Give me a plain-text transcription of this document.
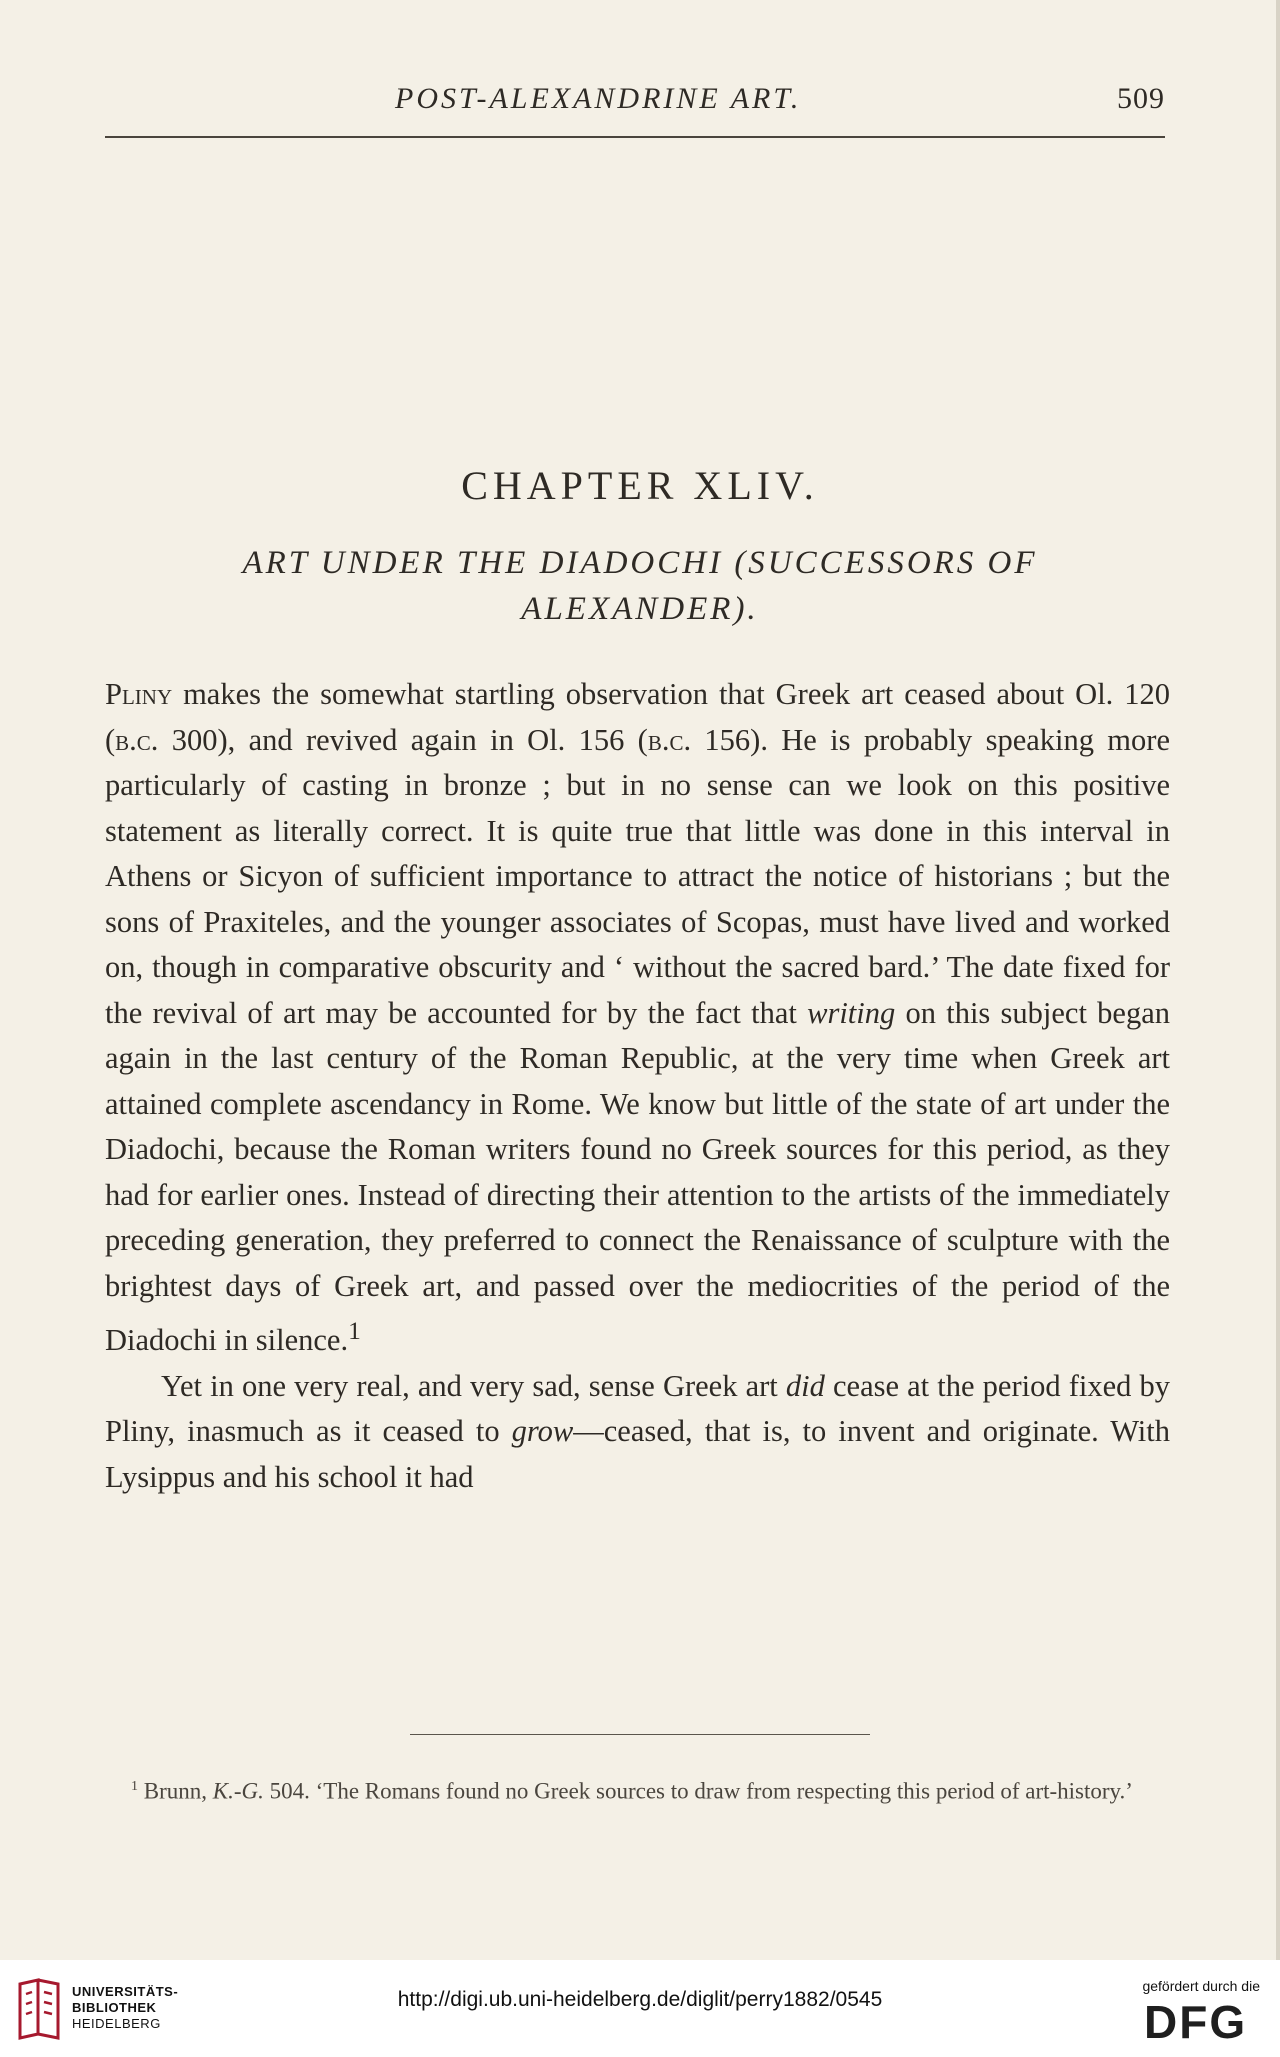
POST-ALEXANDRINE ART.	509
CHAPTER XLIV.
ART UNDER THE DIADOCHI (SUCCESSORS OF
ALEXANDER).

Pliny makes the somewhat startling observation that Greek art ceased about Ol. 120 (b.c. 300), and revived again in Ol. 156 (b.c. 156). He is probably speaking more particularly of casting in bronze ; but in no sense can we look on this positive statement as literally correct. It is quite true that little was done in this interval in Athens or Sicyon of sufficient importance to attract the notice of historians ; but the sons of Praxiteles, and the younger associates of Scopas, must have lived and worked on, though in comparative obscurity and ‘ without the sacred bard.’ The date fixed for the revival of art may be accounted for by the fact that writing on this subject began again in the last century of the Roman Republic, at the very time when Greek art attained complete ascendancy in Rome. We know but little of the state of art under the Diadochi, because the Roman writers found no Greek sources for this period, as they had for earlier ones. Instead of directing their attention to the artists of the immediately preceding generation, they preferred to connect the Renaissance of sculpture with the brightest days of Greek art, and passed over the mediocrities of the period of the Diadochi in silence.$^1$

Yet in one very real, and very sad, sense Greek art did cease at the period fixed by Pliny, inasmuch as it ceased to grow—ceased, that is, to invent and originate. With Lysippus and his school it had

$^1$ Brunn, K.-G. 504. ‘The Romans found no Greek sources to draw from respecting this period of art-history.’
UNIVERSITÄTS-
BIBLIOTHEK
HEIDELBERG
http://digi.ub.uni-heidelberg.de/diglit/perry1882/0545
gefördert durch die
DFG
